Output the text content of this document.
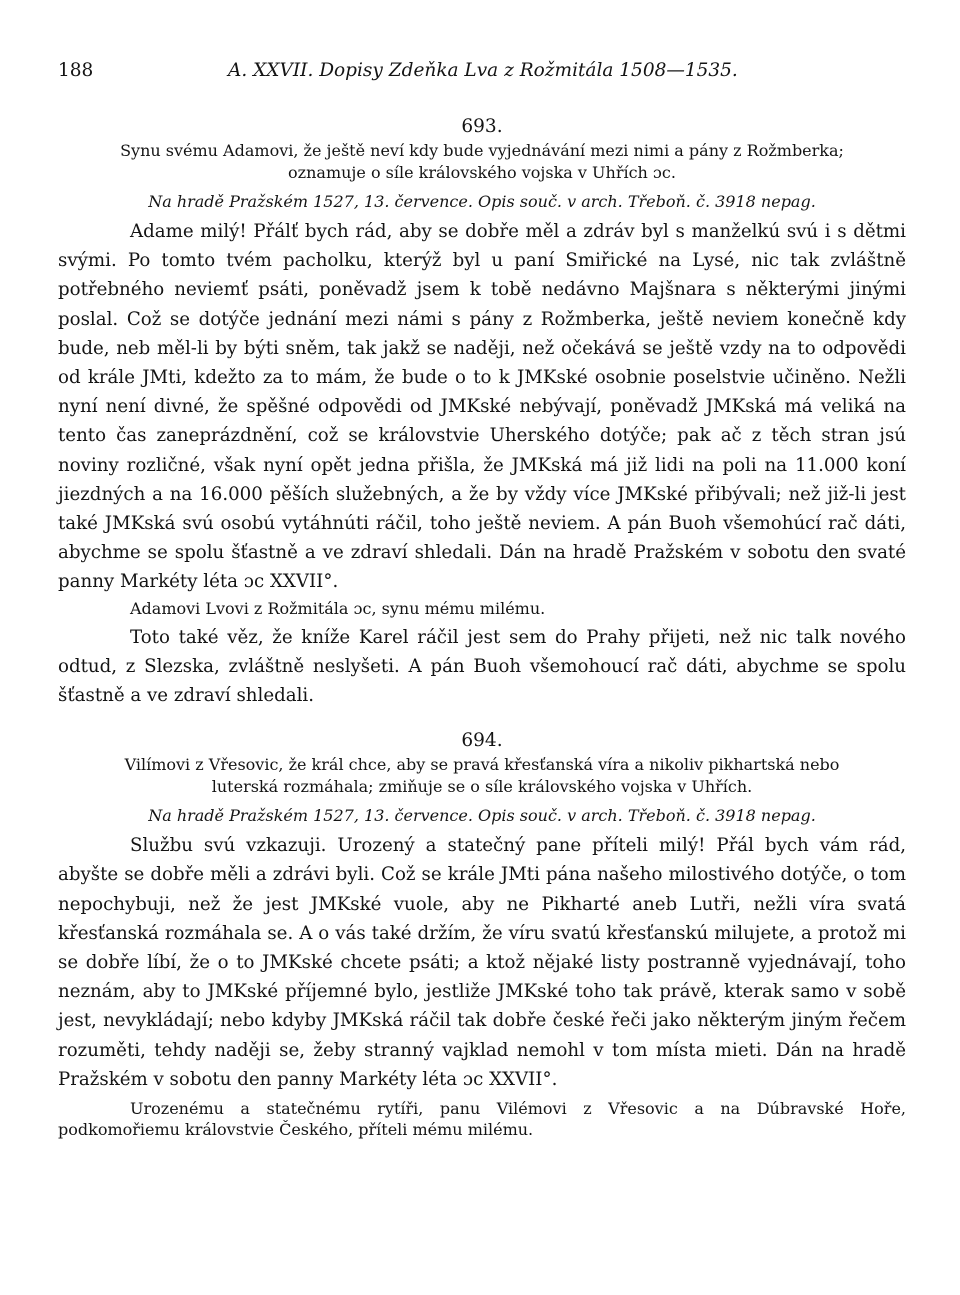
188	A. XXVII. Dopisy Zdeňka Lva z Rožmitála 1508—1535.

693.

Synu svému Adamovi, že ještě neví kdy bude vyjednávání mezi nimi a pány z Rožmberka;
oznamuje o síle královského vojska v Uhřích ɔc.

Na hradě Pražském 1527, 13. července. Opis souč. v arch. Třeboň. č. 3918 nepag.

Adame milý! Přálť bych rád, aby se dobře měl a zdráv byl s manželkú svú i s dětmi svými. Po tomto tvém pacholku, kterýž byl u paní Smiřické na Lysé, nic tak zvláštně potřebného neviemť psáti, poněvadž jsem k tobě nedávno Majšnara s některými jinými poslal. Což se dotýče jednání mezi námi s pány z Rožmberka, ještě neviem konečně kdy bude, neb měl-li by býti sněm, tak jakž se naději, než očekává se ještě vzdy na to odpovědi od krále JMti, kdežto za to mám, že bude o to k JMKské osobnie poselstvie učiněno. Nežli nyní není divné, že spěšné odpovědi od JMKské nebývají, poněvadž JMKská má veliká na tento čas zaneprázdnění, což se královstvie Uherského dotýče; pak ač z těch stran jsú noviny rozličné, však nyní opět jedna přišla, že JMKská má již lidi na poli na 11.000 koní jiezdných a na 16.000 pěších služebných, a že by vždy více JMKské přibývali; než již-li jest také JMKská svú osobú vytáhnúti ráčil, toho ještě neviem. A pán Buoh všemohúcí rač dáti, abychme se spolu šťastně a ve zdraví shledali. Dán na hradě Pražském v sobotu den svaté panny Markéty léta ɔc XXVII°.

Adamovi Lvovi z Rožmitála ɔc, synu mému milému.

Toto také věz, že kníže Karel ráčil jest sem do Prahy přijeti, než nic talk nového odtud, z Slezska, zvláštně neslyšeti. A pán Buoh všemohoucí rač dáti, abychme se spolu šťastně a ve zdraví shledali.

694.

Vilímovi z Vřesovic, že král chce, aby se pravá křesťanská víra a nikoliv pikhartská nebo
luterská rozmáhala; zmiňuje se o síle královského vojska v Uhřích.

Na hradě Pražském 1527, 13. července. Opis souč. v arch. Třeboň. č. 3918 nepag.

Službu svú vzkazuji. Urozený a statečný pane příteli milý! Přál bych vám rád, abyšte se dobře měli a zdrávi byli. Což se krále JMti pána našeho milostivého dotýče, o tom nepochybuji, než že jest JMKské vuole, aby ne Pikharté aneb Lutři, nežli víra svatá křesťanská rozmáhala se. A o vás také držím, že víru svatú křesťanskú milujete, a protož mi se dobře líbí, že o to JMKské chcete psáti; a ktož nějaké listy postranně vyjednávají, toho neznám, aby to JMKské příjemné bylo, jestliže JMKské toho tak právě, kterak samo v sobě jest, nevykládají; nebo kdyby JMKská ráčil tak dobře české řeči jako některým jiným řečem rozuměti, tehdy naději se, žeby stranný vajklad nemohl v tom místa mieti. Dán na hradě Pražském v sobotu den panny Markéty léta ɔc XXVII°.

Urozenému a statečnému rytíři, panu Vilémovi z Vřesovic a na Dúbravské Hoře, podkomořiemu královstvie Českého, příteli mému milému.
